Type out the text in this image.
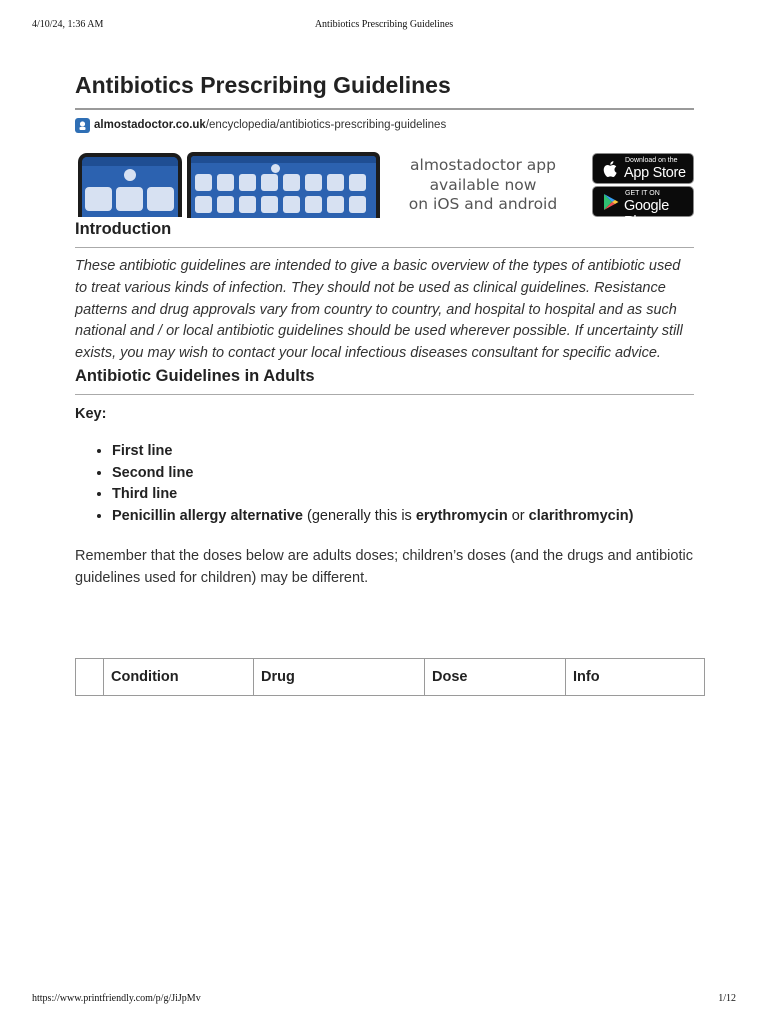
4/10/24, 1:36 AM	Antibiotics Prescribing Guidelines
Antibiotics Prescribing Guidelines
almostadoctor.co.uk /encyclopedia/antibiotics-prescribing-guidelines
almostadoctor app
available now
on iOS and android
Download on the
App Store
GET IT ON
Google Play
Introduction

These antibiotic guidelines are intended to give a basic overview of the types of antibiotic used to treat various kinds of infection. They should not be used as clinical guidelines. Resistance patterns and drug approvals vary from country to country, and hospital to hospital and as such national and / or local antibiotic guidelines should be used wherever possible. If uncertainty still exists, you may wish to contact your local infectious diseases consultant for specific advice.

Antibiotic Guidelines in Adults
Key:
• First line
• Second line
• Third line
• Penicillin allergy alternative (generally this is erythromycin or clarithromycin)

Remember that the doses below are adults doses; children’s doses (and the drugs and antibiotic guidelines used for children) may be different.

	Condition	Drug	Dose	Info
https://www.printfriendly.com/p/g/JiJpMv	1/12
